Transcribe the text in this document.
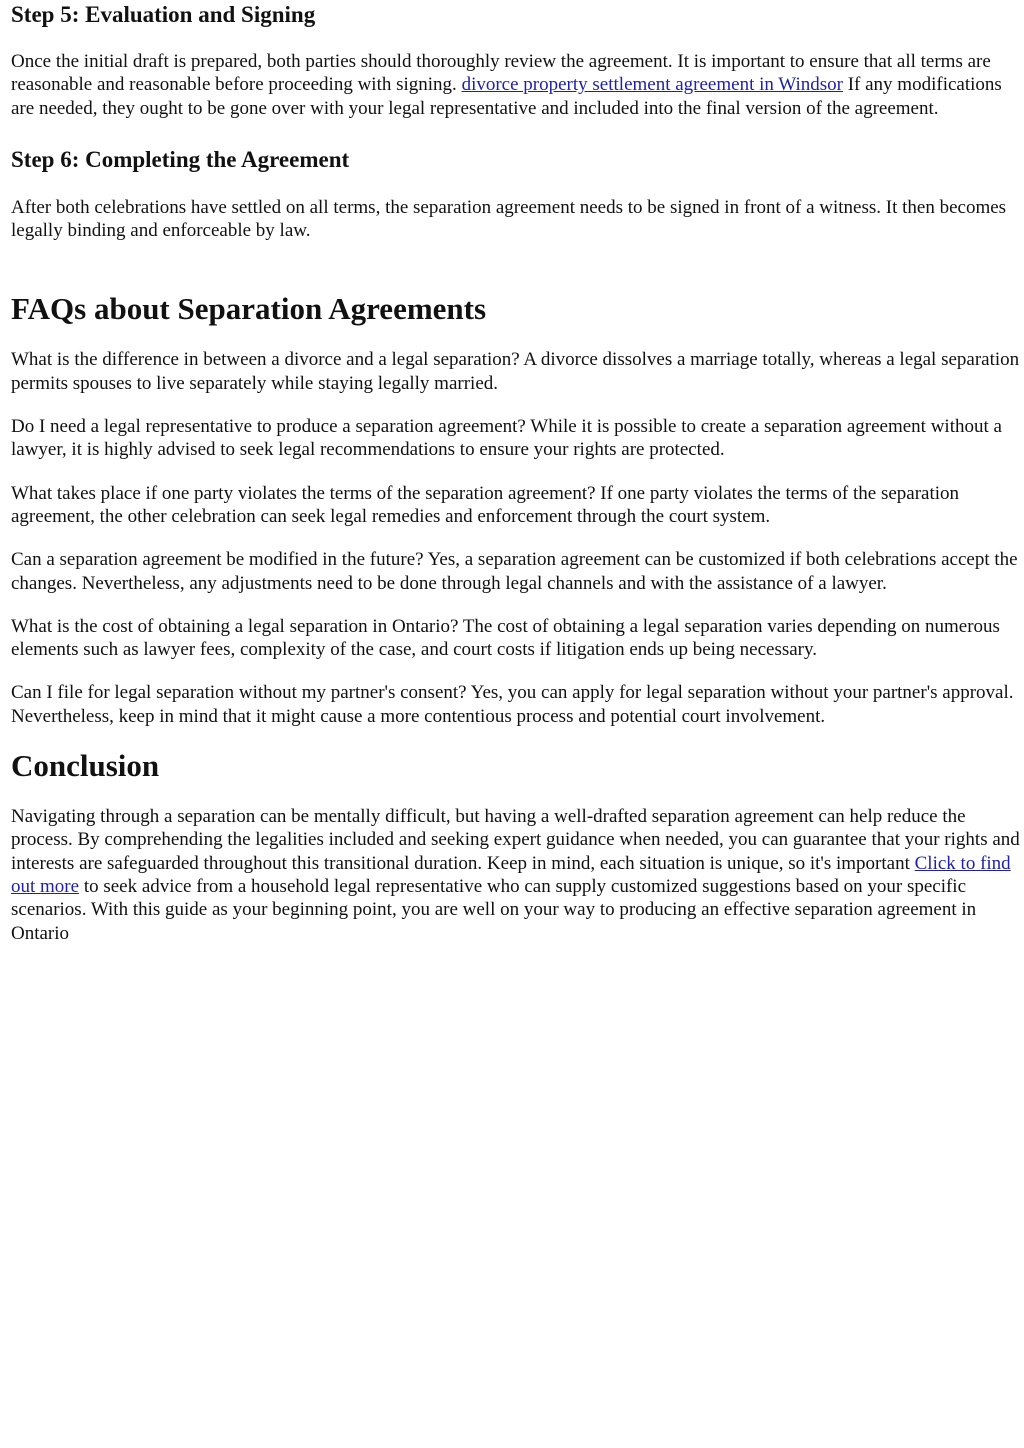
Step 5: Evaluation and Signing

Once the initial draft is prepared, both parties should thoroughly review the agreement. It is important to ensure that all terms are reasonable and reasonable before proceeding with signing. divorce property settlement agreement in Windsor If any modifications are needed, they ought to be gone over with your legal representative and included into the final version of the agreement.

Step 6: Completing the Agreement

After both celebrations have settled on all terms, the separation agreement needs to be signed in front of a witness. It then becomes legally binding and enforceable by law.

FAQs about Separation Agreements

What is the difference in between a divorce and a legal separation? A divorce dissolves a marriage totally, whereas a legal separation permits spouses to live separately while staying legally married.

Do I need a legal representative to produce a separation agreement? While it is possible to create a separation agreement without a lawyer, it is highly advised to seek legal recommendations to ensure your rights are protected.

What takes place if one party violates the terms of the separation agreement? If one party violates the terms of the separation agreement, the other celebration can seek legal remedies and enforcement through the court system.

Can a separation agreement be modified in the future? Yes, a separation agreement can be customized if both celebrations accept the changes. Nevertheless, any adjustments need to be done through legal channels and with the assistance of a lawyer.

What is the cost of obtaining a legal separation in Ontario? The cost of obtaining a legal separation varies depending on numerous elements such as lawyer fees, complexity of the case, and court costs if litigation ends up being necessary.

Can I file for legal separation without my partner's consent? Yes, you can apply for legal separation without your partner's approval. Nevertheless, keep in mind that it might cause a more contentious process and potential court involvement.

Conclusion

Navigating through a separation can be mentally difficult, but having a well-drafted separation agreement can help reduce the process. By comprehending the legalities included and seeking expert guidance when needed, you can guarantee that your rights and interests are safeguarded throughout this transitional duration. Keep in mind, each situation is unique, so it's important Click to find out more to seek advice from a household legal representative who can supply customized suggestions based on your specific scenarios. With this guide as your beginning point, you are well on your way to producing an effective separation agreement in Ontario
